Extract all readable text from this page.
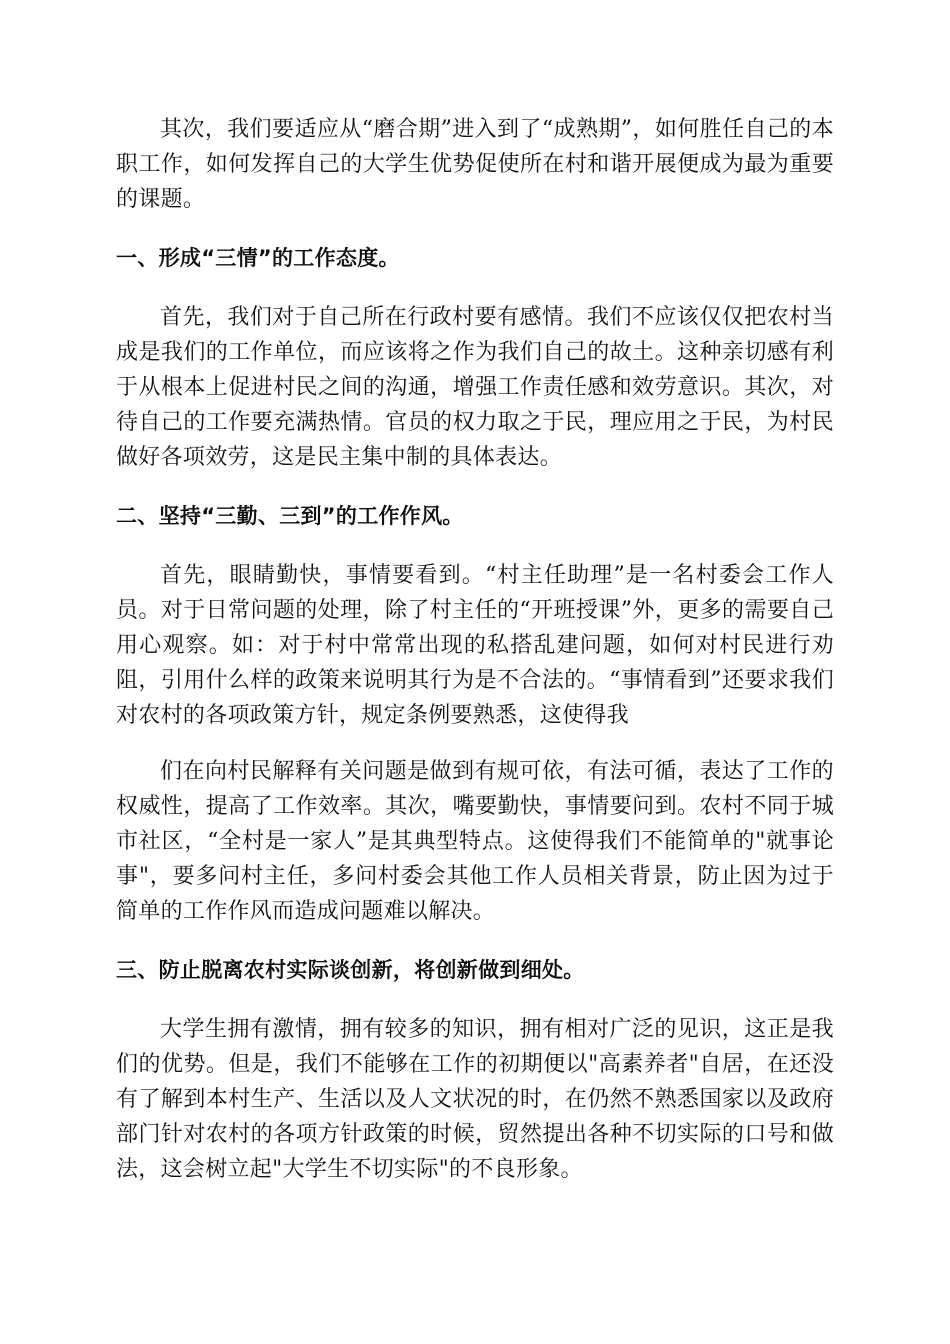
其次，我们要适应从“磨合期”进入到了“成熟期”，如何胜任自己的本职工作，如何发挥自己的大学生优势促使所在村和谐开展便成为最为重要的课题。

一、形成“三情”的工作态度。

首先，我们对于自己所在行政村要有感情。我们不应该仅仅把农村当成是我们的工作单位，而应该将之作为我们自己的故土。这种亲切感有利于从根本上促进村民之间的沟通，增强工作责任感和效劳意识。其次，对待自己的工作要充满热情。官员的权力取之于民，理应用之于民，为村民做好各项效劳，这是民主集中制的具体表达。

二、坚持“三勤、三到”的工作作风。

首先，眼睛勤快，事情要看到。“村主任助理”是一名村委会工作人员。对于日常问题的处理，除了村主任的“开班授课”外，更多的需要自己用心观察。如：对于村中常常出现的私搭乱建问题，如何对村民进行劝阻，引用什么样的政策来说明其行为是不合法的。“事情看到”还要求我们对农村的各项政策方针，规定条例要熟悉，这使得我

们在向村民解释有关问题是做到有规可依，有法可循，表达了工作的权威性，提高了工作效率。其次，嘴要勤快，事情要问到。农村不同于城市社区，“全村是一家人”是其典型特点。这使得我们不能简单的"就事论事"，要多问村主任，多问村委会其他工作人员相关背景，防止因为过于简单的工作作风而造成问题难以解决。

三、防止脱离农村实际谈创新，将创新做到细处。

大学生拥有激情，拥有较多的知识，拥有相对广泛的见识，这正是我们的优势。但是，我们不能够在工作的初期便以"高素养者"自居，在还没有了解到本村生产、生活以及人文状况的时，在仍然不熟悉国家以及政府部门针对农村的各项方针政策的时候，贸然提出各种不切实际的口号和做法，这会树立起"大学生不切实际"的不良形象。
